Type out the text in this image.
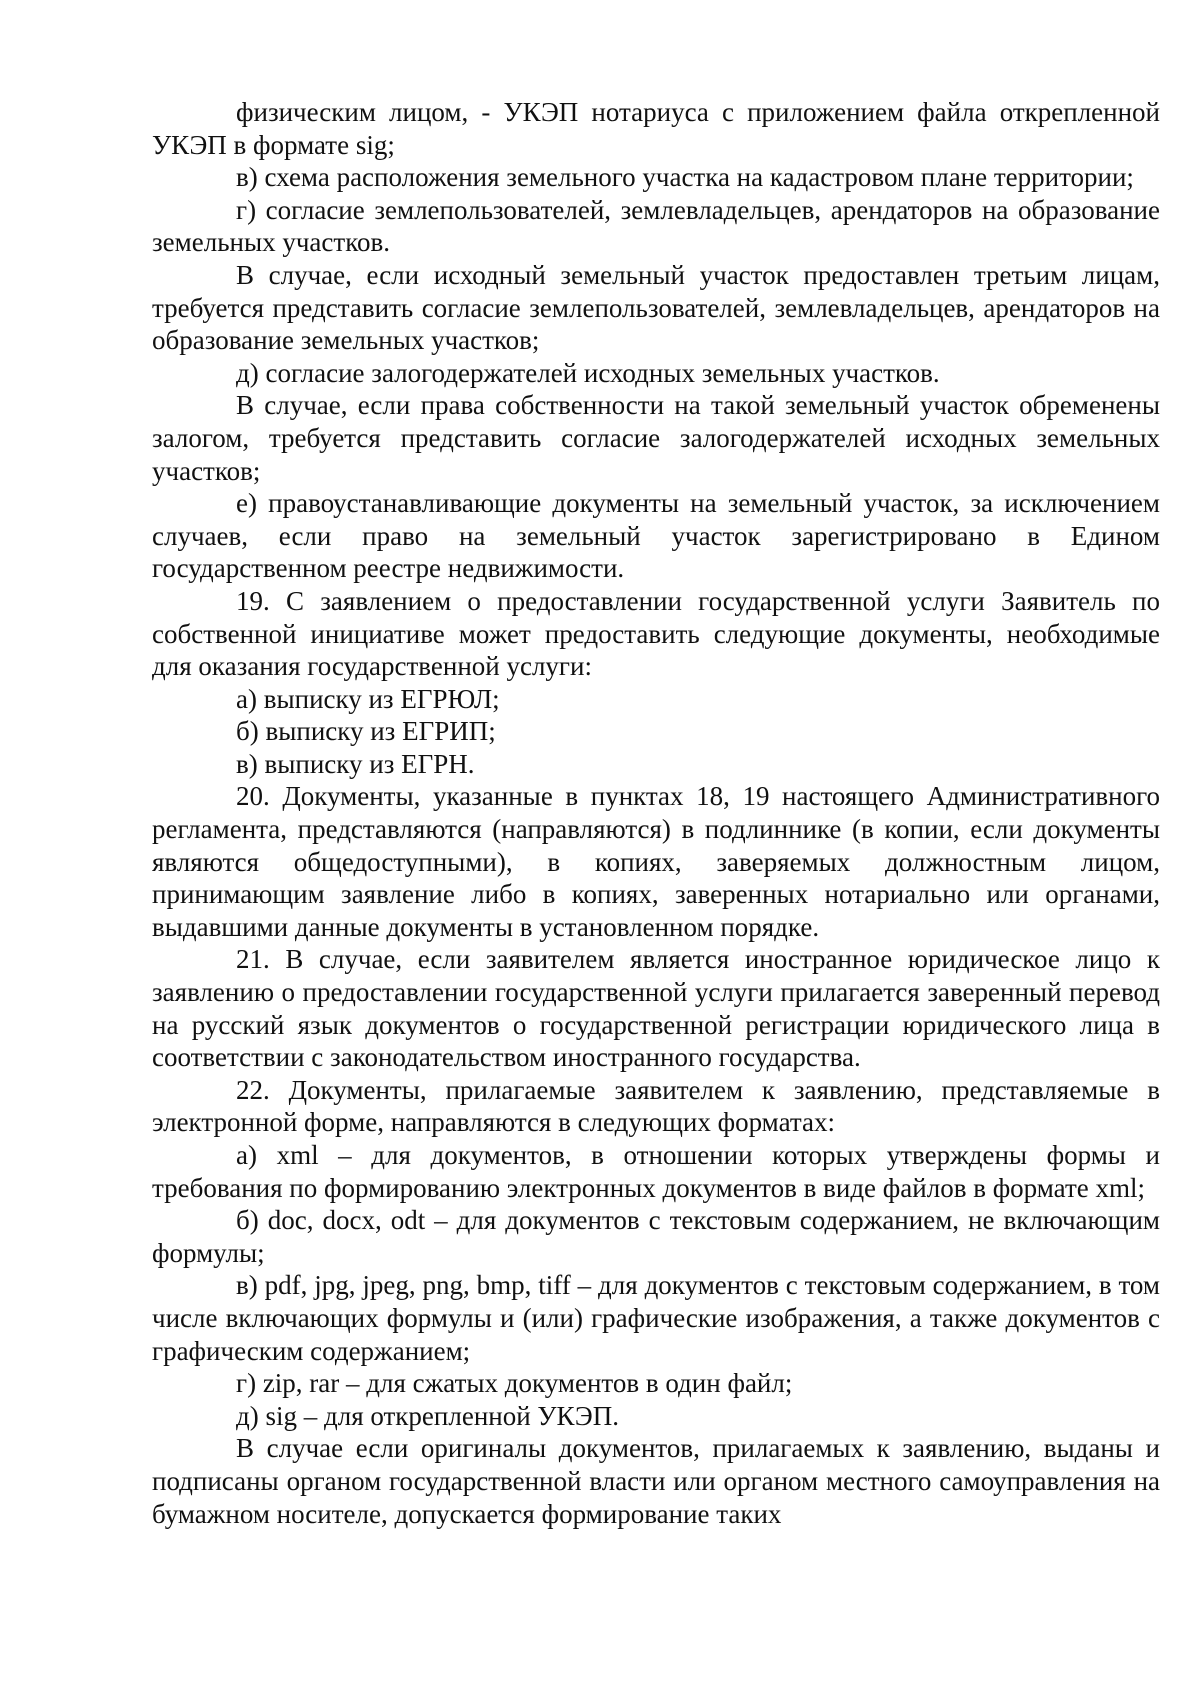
физическим лицом, - УКЭП нотариуса с приложением файла открепленной УКЭП в формате sig;

в) схема расположения земельного участка на кадастровом плане территории;

г) согласие землепользователей, землевладельцев, арендаторов на образование земельных участков.

В случае, если исходный земельный участок предоставлен третьим лицам, требуется представить согласие землепользователей, землевладельцев, арендаторов на образование земельных участков;

д) согласие залогодержателей исходных земельных участков.

В случае, если права собственности на такой земельный участок обременены залогом, требуется представить согласие залогодержателей исходных земельных участков;

е) правоустанавливающие документы на земельный участок, за исключением случаев, если право на земельный участок зарегистрировано в Едином государственном реестре недвижимости.

19. С заявлением о предоставлении государственной услуги Заявитель по собственной инициативе может предоставить следующие документы, необходимые для оказания государственной услуги:

а) выписку из ЕГРЮЛ;

б) выписку из ЕГРИП;

в) выписку из ЕГРН.

20. Документы, указанные в пунктах 18, 19 настоящего Административного регламента, представляются (направляются) в подлиннике (в копии, если документы являются общедоступными), в копиях, заверяемых должностным лицом, принимающим заявление либо в копиях, заверенных нотариально или органами, выдавшими данные документы в установленном порядке.

21. В случае, если заявителем является иностранное юридическое лицо к заявлению о предоставлении государственной услуги прилагается заверенный перевод на русский язык документов о государственной регистрации юридического лица в соответствии с законодательством иностранного государства.

22. Документы, прилагаемые заявителем к заявлению, представляемые в электронной форме, направляются в следующих форматах:

а) xml – для документов, в отношении которых утверждены формы и требования по формированию электронных документов в виде файлов в формате xml;

б) doc, docx, odt – для документов с текстовым содержанием, не включающим формулы;

в) pdf, jpg, jpeg, png, bmp, tiff – для документов с текстовым содержанием, в том числе включающих формулы и (или) графические изображения, а также документов с графическим содержанием;

г) zip, rar – для сжатых документов в один файл;

д) sig – для открепленной УКЭП.

В случае если оригиналы документов, прилагаемых к заявлению, выданы и подписаны органом государственной власти или органом местного самоуправления на бумажном носителе, допускается формирование таких
